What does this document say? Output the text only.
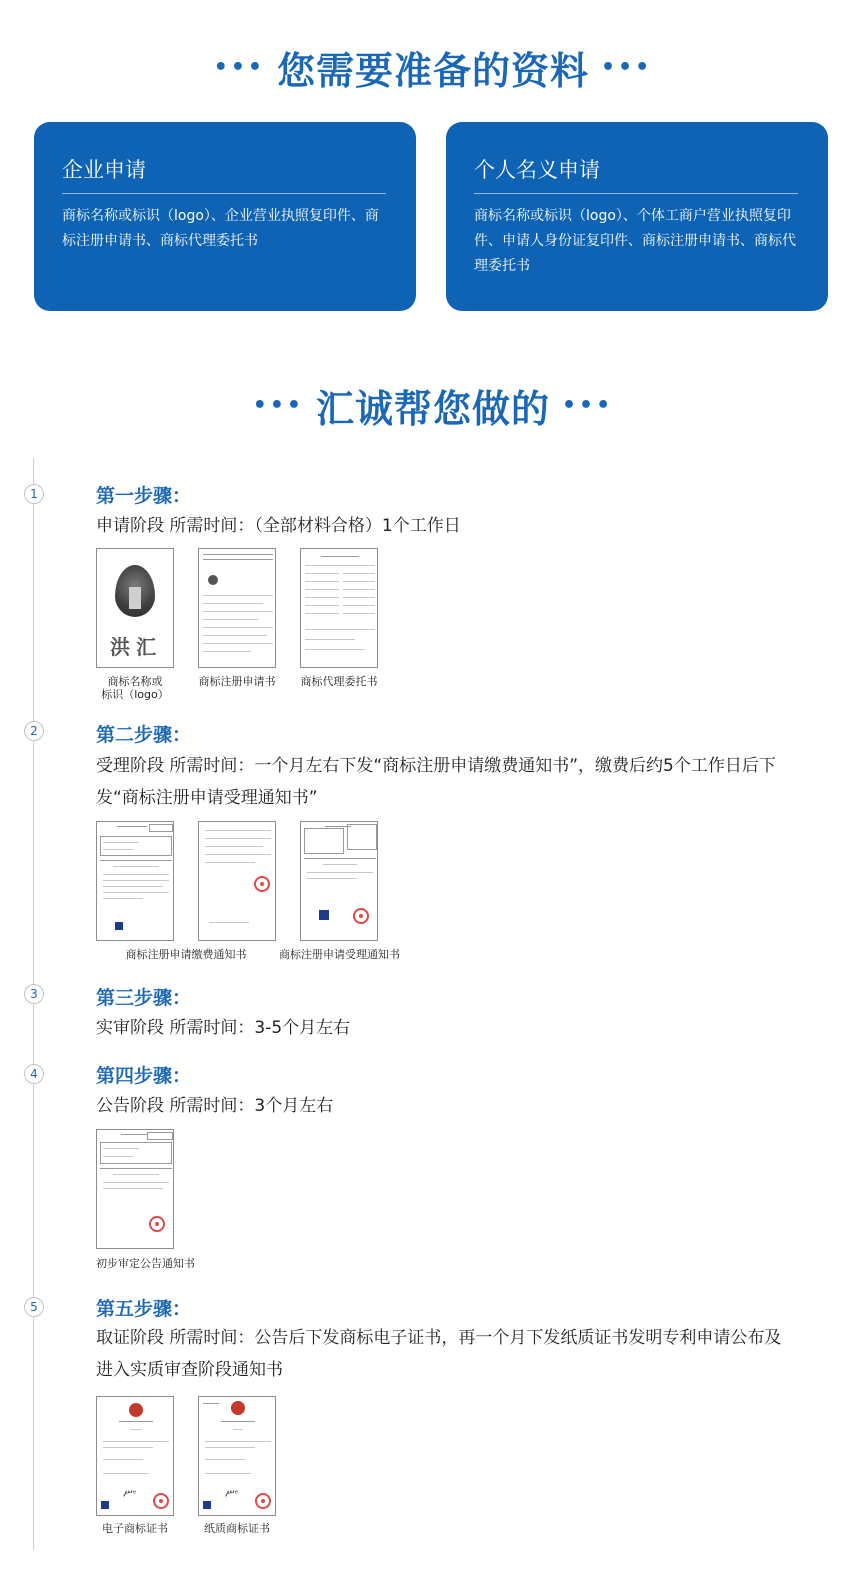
••• 您需要准备的资料 •••
企业申请
商标名称或标识（logo）、企业营业执照复印件、商标注册申请书、商标代理委托书
个人名义申请
商标名称或标识（logo）、个体工商户营业执照复印件、申请人身份证复印件、商标注册申请书、商标代理委托书
••• 汇诚帮您做的 •••
1	第一步骤：
申请阶段 所需时间：（全部材料合格）1个工作日
洪汇
商标名称或
标识（logo）
商标注册申请书	商标代理委托书
2	第二步骤：
受理阶段 所需时间：一个月左右下发“商标注册申请缴费通知书”，缴费后约5个工作日后下发“商标注册申请受理通知书”
商标注册申请缴费通知书	商标注册申请受理通知书
3	第三步骤：
实审阶段 所需时间：3-5个月左右
4	第四步骤：
公告阶段 所需时间：3个月左右
初步审定公告通知书
5	第五步骤：
取证阶段 所需时间：公告后下发商标电子证书，再一个月下发纸质证书发明专利申请公布及进入实质审查阶段通知书
ሥᵉ	ሥᵉ
电子商标证书	纸质商标证书
